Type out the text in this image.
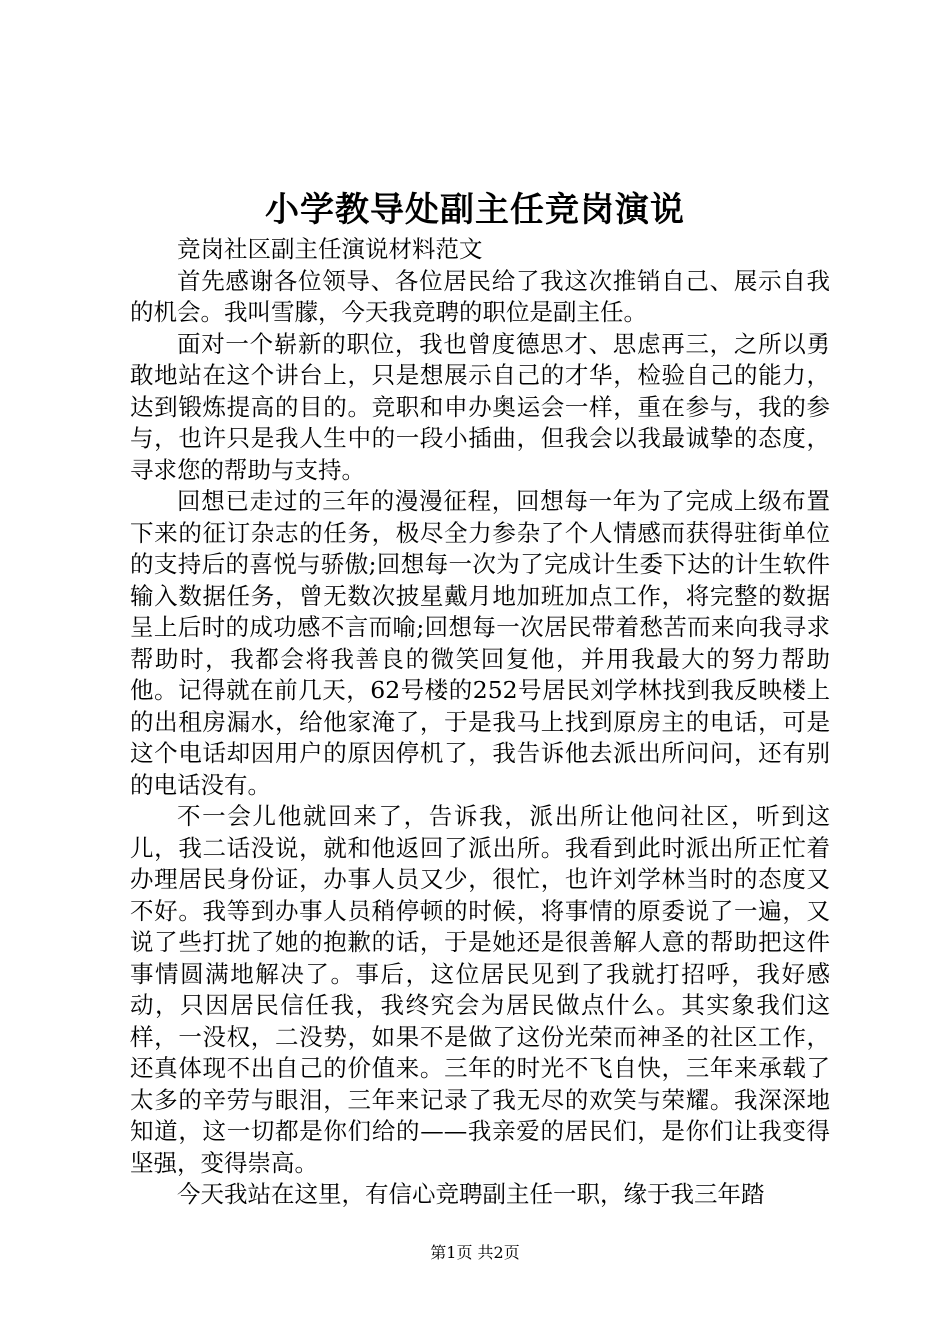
小学教导处副主任竞岗演说

竞岗社区副主任演说材料范文

首先感谢各位领导、各位居民给了我这次推销自己、展示自我的机会。我叫雪朦，今天我竞聘的职位是副主任。

面对一个崭新的职位，我也曾度德思才、思虑再三，之所以勇敢地站在这个讲台上，只是想展示自己的才华，检验自己的能力，达到锻炼提高的目的。竞职和申办奥运会一样，重在参与，我的参与，也许只是我人生中的一段小插曲，但我会以我最诚挚的态度，寻求您的帮助与支持。

回想已走过的三年的漫漫征程，回想每一年为了完成上级布置下来的征订杂志的任务，极尽全力参杂了个人情感而获得驻街单位的支持后的喜悦与骄傲;回想每一次为了完成计生委下达的计生软件输入数据任务，曾无数次披星戴月地加班加点工作，将完整的数据呈上后时的成功感不言而喻;回想每一次居民带着愁苦而来向我寻求帮助时，我都会将我善良的微笑回复他，并用我最大的努力帮助他。记得就在前几天，62号楼的252号居民刘学林找到我反映楼上的出租房漏水，给他家淹了，于是我马上找到原房主的电话，可是这个电话却因用户的原因停机了，我告诉他去派出所问问，还有别的电话没有。

不一会儿他就回来了，告诉我，派出所让他问社区，听到这儿，我二话没说，就和他返回了派出所。我看到此时派出所正忙着办理居民身份证，办事人员又少，很忙，也许刘学林当时的态度又不好。我等到办事人员稍停顿的时候，将事情的原委说了一遍，又说了些打扰了她的抱歉的话，于是她还是很善解人意的帮助把这件事情圆满地解决了。事后，这位居民见到了我就打招呼，我好感动，只因居民信任我，我终究会为居民做点什么。其实象我们这样，一没权，二没势，如果不是做了这份光荣而神圣的社区工作，还真体现不出自己的价值来。三年的时光不飞自快，三年来承载了太多的辛劳与眼泪，三年来记录了我无尽的欢笑与荣耀。我深深地知道，这一切都是你们给的——我亲爱的居民们，是你们让我变得坚强，变得崇高。

今天我站在这里，有信心竞聘副主任一职，缘于我三年踏

第1页 共2页
